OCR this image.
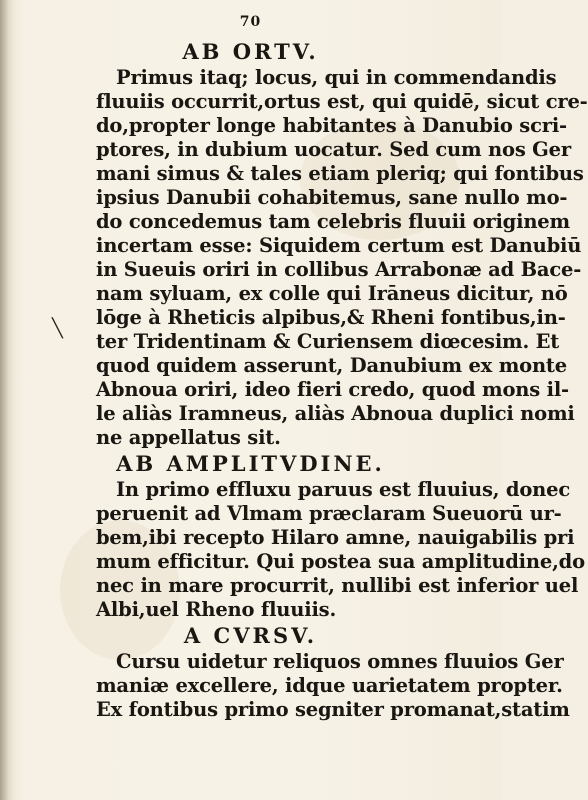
70
AB ORTV.
Primus itaq; locus, qui in commendandis
fluuiis occurrit,ortus est, qui quidē, sicut cre-
do,propter longe habitantes à Danubio scri-
ptores, in dubium uocatur. Sed cum nos Ger
mani simus & tales etiam pleriq; qui fontibus
ipsius Danubii cohabitemus, sane nullo mo-
do concedemus tam celebris fluuii originem
incertam esse: Siquidem certum est Danubiū
in Sueuis oriri in collibus Arrabonæ ad Bace-
nam syluam, ex colle qui Irāneus dicitur, nō
lōge à Rheticis alpibus,& Rheni fontibus,in-
ter Tridentinam & Curiensem diœcesim. Et
quod quidem asserunt, Danubium ex monte
Abnoua oriri, ideo fieri credo, quod mons il-
le aliàs Iramneus, aliàs Abnoua duplici nomi
ne appellatus sit.
╲
AB AMPLITVDINE.
In primo effluxu paruus est fluuius, donec
peruenit ad Vlmam præclaram Sueuorū ur-
bem,ibi recepto Hilaro amne, nauigabilis pri
mum efficitur. Qui postea sua amplitudine,do
nec in mare procurrit, nullibi est inferior uel
Albi,uel Rheno fluuiis.
A CVRSV.
Cursu uidetur reliquos omnes fluuios Ger
maniæ excellere, idque uarietatem propter.
Ex fontibus primo segniter promanat,statim
